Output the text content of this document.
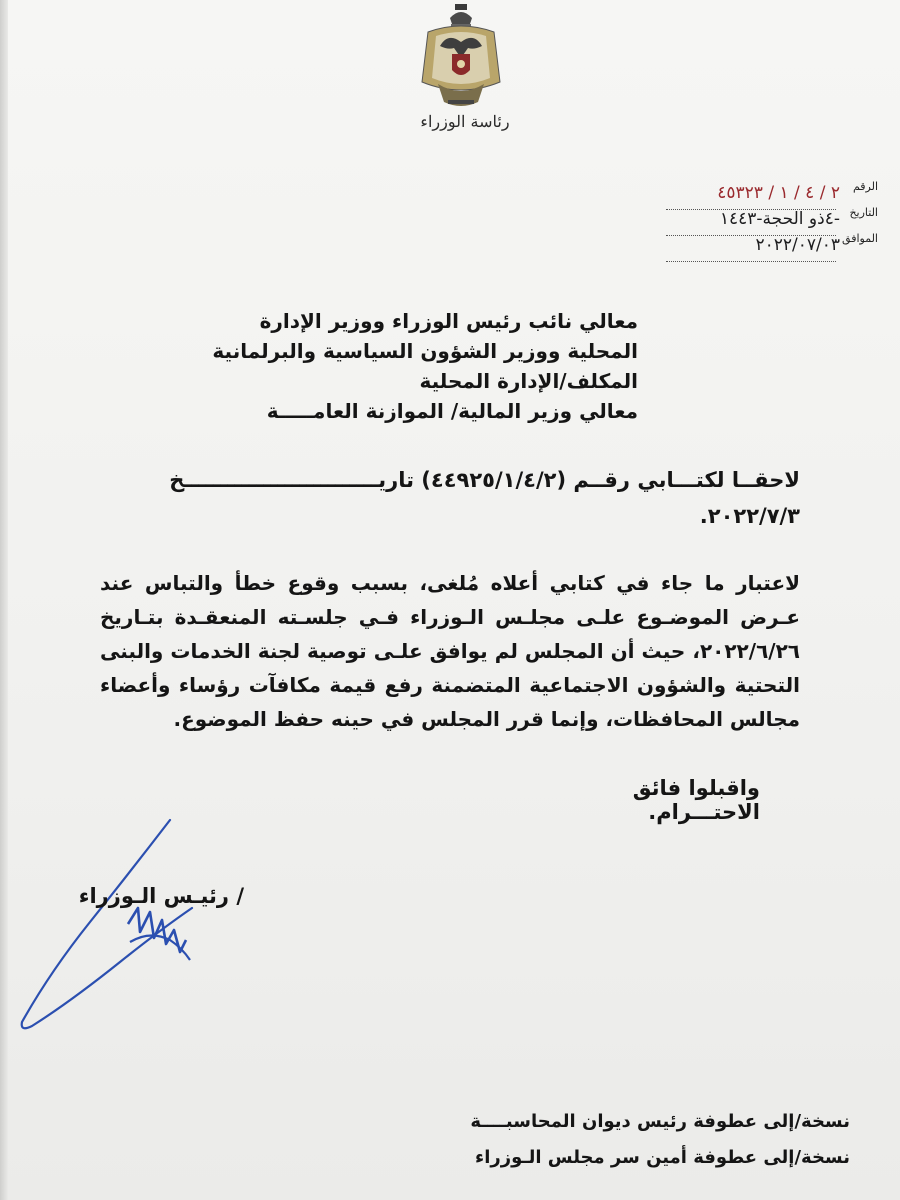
رئاسة الوزراء
الرقم
التاريخ
الموافق
٢ / ٤ / ١ / ٤٥٣٢٣
-٤ذو الحجة-١٤٤٣
٢٠٢٢/٠٧/٠٣
معالي نائب رئيس الوزراء ووزير الإدارة
المحلية ووزير الشؤون السياسية والبرلمانية
المكلف/الإدارة المحلية
معالي وزير المالية/ الموازنة العامـــــة
لاحقــا لكتـــابي رقــم (٤٤٩٢٥/١/٤/٢) تاريـــــــــــــــــــــــــــخ ٢٠٢٢/٧/٣.
لاعتبار ما جاء في كتابي أعلاه مُلغى، بسبب وقوع خطأ والتباس عند عـرض الموضـوع علـى مجلـس الـوزراء فـي جلسـته المنعقـدة بتـاريخ ٢٠٢٢/٦/٢٦، حيث أن المجلس لم يوافق علـى توصية لجنة الخدمات والبنى التحتية والشؤون الاجتماعية المتضمنة رفع قيمة مكافآت رؤساء وأعضاء مجالس المحافظات، وإنما قرر المجلس في حينه حفظ الموضوع.
واقبلوا فائق الاحتـــرام.
/ رئيـس الـوزراء
نسخة/إلى عطوفة رئيس ديوان المحاسبــــة
نسخة/إلى عطوفة أمين سر مجلس الـوزراء
